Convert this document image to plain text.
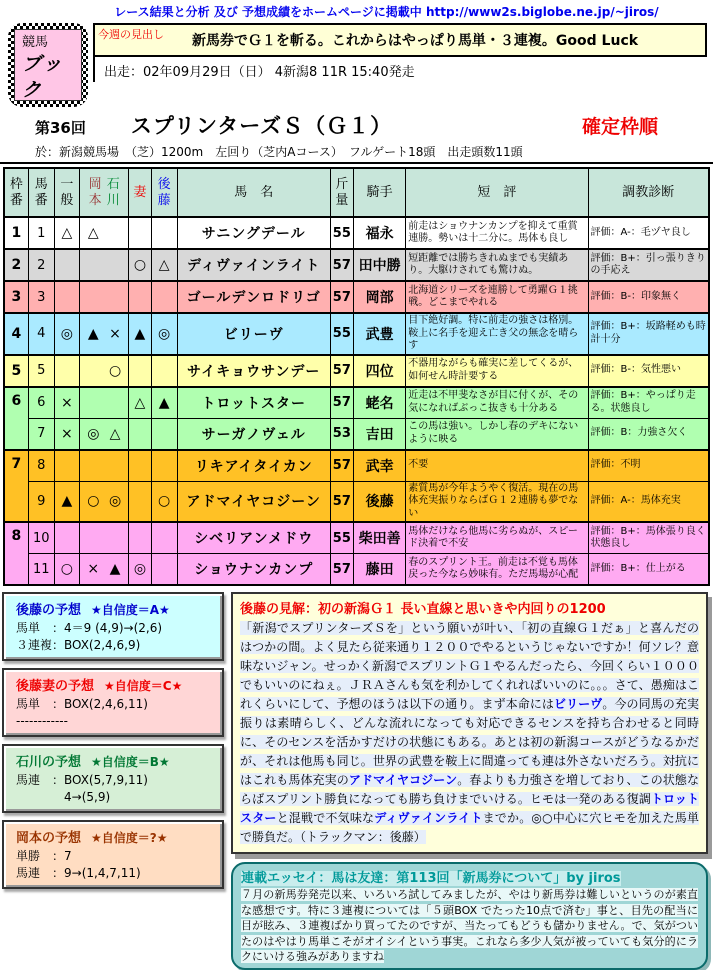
レース結果と分析 及び 予想成績をホームページに掲載中 http://www2s.biglobe.ne.jp/~jiros/
競馬
ブック
今週の見出し 新馬券でＧ１を斬る。これからはやっぱり馬単・３連複。Good Luck
出走：02年09月29日（日） 4新潟8 11R 15:40発走
第36回 スプリンターズＳ（Ｇ１）	確定枠順
於：新潟競馬場　（芝）1200m　左回り（芝内Aコース）　フルゲート18頭　出走頭数11頭
枠番	馬番	一般	岡本 石川	妻	後藤	馬　名	斤量	騎手	短　評	調教診断
1	1	△	△			サニングデール	55	福永	前走はショウナンカンプを抑えて重賞連勝。勢いは十二分に。馬体も良し	評価：A-：毛ヅヤ良し
2	2			○	△	ディヴァインライト	57	田中勝	短距離では勝ちきれぬまでも実績あり。大駆けされても驚けぬ。	評価：B+：引っ張りきりの手応え
3	3					ゴールデンロドリゴ	57	岡部	北海道シリーズを連勝して勇躍Ｇ１挑戦。どこまでやれる	評価：B-：印象無く
4	4	◎	▲ ×	▲	◎	ビリーヴ	55	武豊	目下絶好調。特に前走の強さは格別。鞍上に名手を迎え亡き父の無念を晴らす	評価：B+：坂路軽めも時計十分
5	5		○			サイキョウサンデー	57	四位	不器用ながらも確実に差してくるが、如何せん時計要する	評価：B-：気性悪い
6	6	×		△	▲	トロットスター	57	蛯名	近走は不甲斐なさが目に付くが、その気になればぶっこ抜きも十分ある	評価：B+：やっぱり走る。状態良し
	7	×	◎ △			サーガノヴェル	53	吉田	この馬は強い。しかし春のデキにないように映る	評価：B：力強さ欠く
7	8					リキアイタイカン	57	武幸	不要	評価：不明
	9	▲	○ ◎		○	アドマイヤコジーン	57	後藤	素質馬が今年ようやく復活。現在の馬体充実振りならばＧ１２連勝も夢でない	評価：A-：馬体充実
8	10					シベリアンメドウ	55	柴田善	馬体だけなら他馬に劣らぬが、スピード決着で不安	評価：B+：馬体張り良く状態良し
	11	○	× ▲	◎		ショウナンカンプ	57	藤田	春のスプリント王。前走は不覚も馬体戻った今なら妙味有。ただ馬場が心配	評価：B+：仕上がる
後藤の予想 ★自信度＝A★
馬単　：4＝9 (4,9)→(2,6)
３連複：BOX(2,4,6,9)
後藤妻の予想 ★自信度＝C★
馬単　：BOX(2,4,6,11)
------------
石川の予想 ★自信度＝B★
馬連　：BOX(5,7,9,11)
　　　　4→(5,9)
岡本の予想 ★自信度＝?★
単勝　：7
馬連　：9→(1,4,7,11)
後藤の見解：初の新潟Ｇ１ 長い直線と思いきや内回りの1200
「新潟でスプリンターズＳを」という願いが叶い、「初の直線Ｇ１だぁ」と喜んだのはつかの間。よく見たら従来通り１２００でやるというじゃないですか！何ソレ？意味ないジャン。せっかく新潟でスプリントＧ１やるんだったら、今回くらい１０００でもいいのにねぇ。ＪＲＡさんも気を利かしてくれればいいのに。。。さて、愚痴はこれくらいにして、予想のほうは以下の通り。まず本命にはビリーヴ。今の同馬の充実振りは素晴らしく、どんな流れになっても対応できるセンスを持ち合わせると同時に、そのセンスを活かすだけの状態にもある。あとは初の新潟コースがどうなるかだが、それは他馬も同じ。世界の武豊を鞍上に間違っても連は外さないだろう。対抗にはこれも馬体充実のアドマイヤコジーン。春よりも力強さを増しており、この状態ならばスプリント勝負になっても勝ち負けまでいける。ヒモは一発のある復調トロットスターと混戦で不気味なディヴァインライトまでか。◎○中心に穴ヒモを加えた馬単で勝負だ。（トラックマン：後藤）
連載エッセイ：馬は友達：第113回「新馬券について」by jiros
７月の新馬券発売以来、いろいろ試してみましたが、やはり新馬券は難しいというのが素直な感想です。特に３連複については「５頭BOX でたった10点で済む」事と、目先の配当に目が眩み、３連複ばかり買ってたのですが、当たってもどうも儲かりません。で、気がついたのはやはり馬単こそがオイシイという事実。これなら多少人気が被っていても気分的にラクにいける強みがありますね
